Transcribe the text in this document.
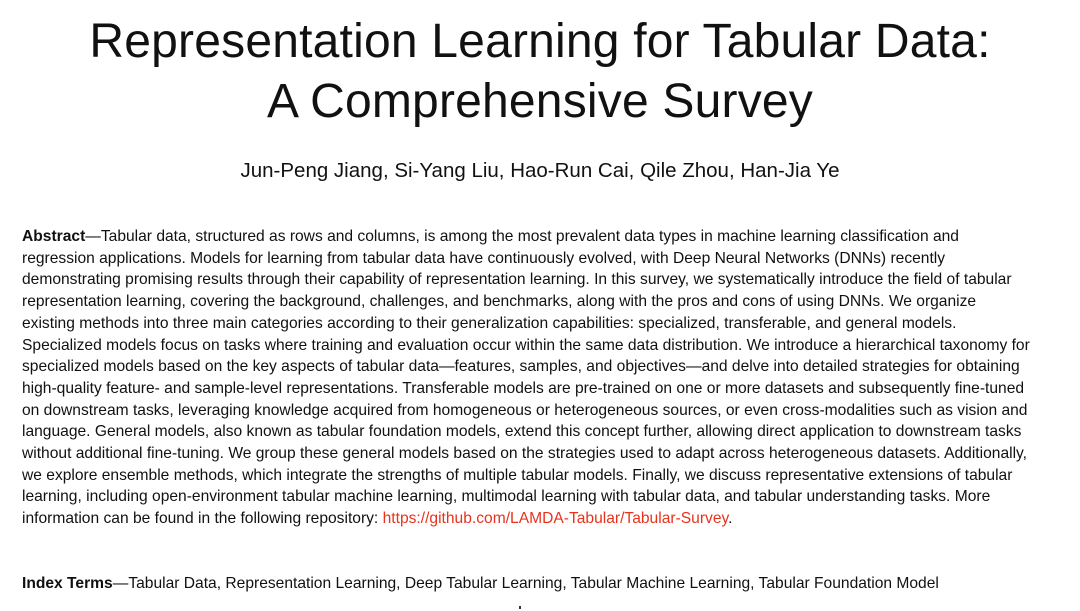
Representation Learning for Tabular Data:
A Comprehensive Survey
Jun-Peng Jiang, Si-Yang Liu, Hao-Run Cai, Qile Zhou, Han-Jia Ye

Abstract—Tabular data, structured as rows and columns, is among the most prevalent data types in machine learning classification and regression applications. Models for learning from tabular data have continuously evolved, with Deep Neural Networks (DNNs) recently demonstrating promising results through their capability of representation learning. In this survey, we systematically introduce the field of tabular representation learning, covering the background, challenges, and benchmarks, along with the pros and cons of using DNNs. We organize existing methods into three main categories according to their generalization capabilities: specialized, transferable, and general models. Specialized models focus on tasks where training and evaluation occur within the same data distribution. We introduce a hierarchical taxonomy for specialized models based on the key aspects of tabular data—features, samples, and objectives—and delve into detailed strategies for obtaining high-quality feature- and sample-level representations. Transferable models are pre-trained on one or more datasets and subsequently fine-tuned on downstream tasks, leveraging knowledge acquired from homogeneous or heterogeneous sources, or even cross-modalities such as vision and language. General models, also known as tabular foundation models, extend this concept further, allowing direct application to downstream tasks without additional fine-tuning. We group these general models based on the strategies used to adapt across heterogeneous datasets. Additionally, we explore ensemble methods, which integrate the strengths of multiple tabular models. Finally, we discuss representative extensions of tabular learning, including open-environment tabular machine learning, multimodal learning with tabular data, and tabular understanding tasks. More information can be found in the following repository: https://github.com/LAMDA-Tabular/Tabular-Survey.

Index Terms—Tabular Data, Representation Learning, Deep Tabular Learning, Tabular Machine Learning, Tabular Foundation Model
